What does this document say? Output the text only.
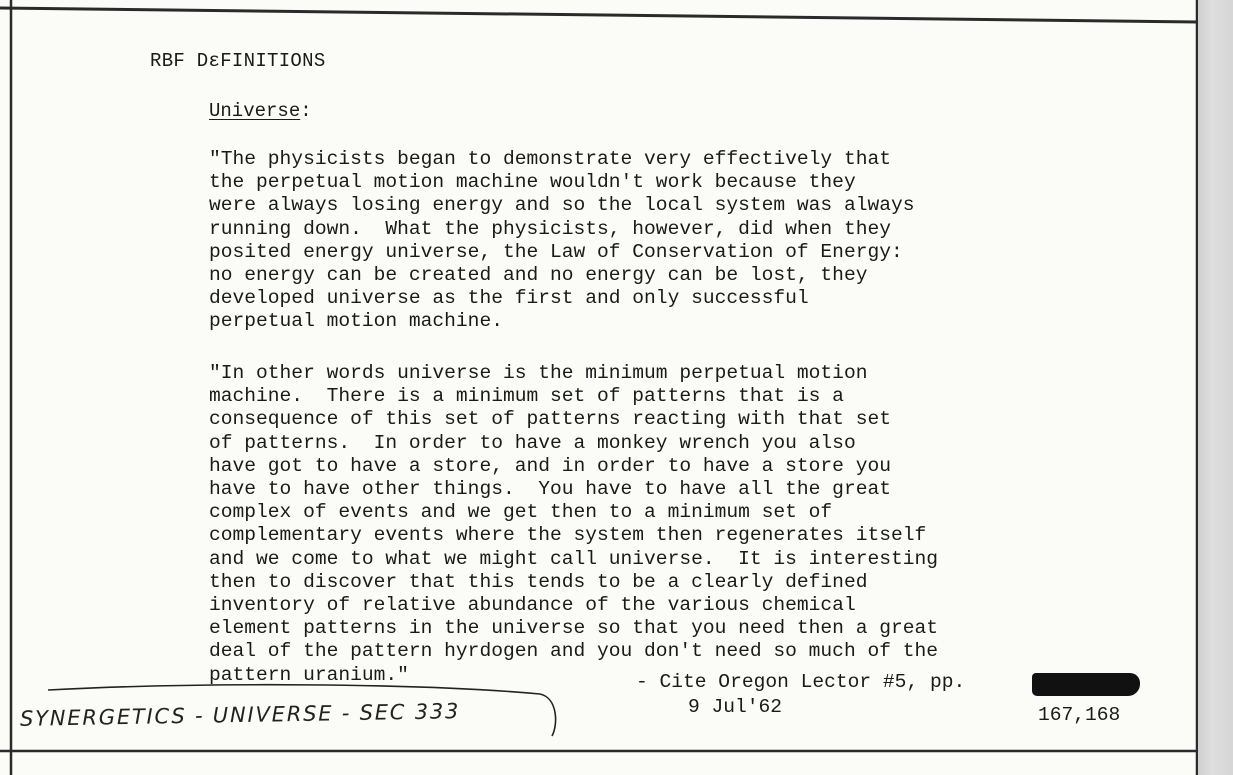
RBF DɛFINITIONS
Universe:

"The physicists began to demonstrate very effectively that
the perpetual motion machine wouldn't work because they
were always losing energy and so the local system was always
running down.  What the physicists, however, did when they
posited energy universe, the Law of Conservation of Energy:
no energy can be created and no energy can be lost, they
developed universe as the first and only successful
perpetual motion machine.

"In other words universe is the minimum perpetual motion
machine.  There is a minimum set of patterns that is a
consequence of this set of patterns reacting with that set
of patterns.  In order to have a monkey wrench you also
have got to have a store, and in order to have a store you
have to have other things.  You have to have all the great
complex of events and we get then to a minimum set of
complementary events where the system then regenerates itself
and we come to what we might call universe.  It is interesting
then to discover that this tends to be a clearly defined
inventory of relative abundance of the various chemical
element patterns in the universe so that you need then a great
deal of the pattern hyrdogen and you don't need so much of the
pattern uranium."	- Cite Oregon Lector #5, pp.
9 Jul'62	167,168
SYNERGETICS - UNIVERSE - SEC 333
